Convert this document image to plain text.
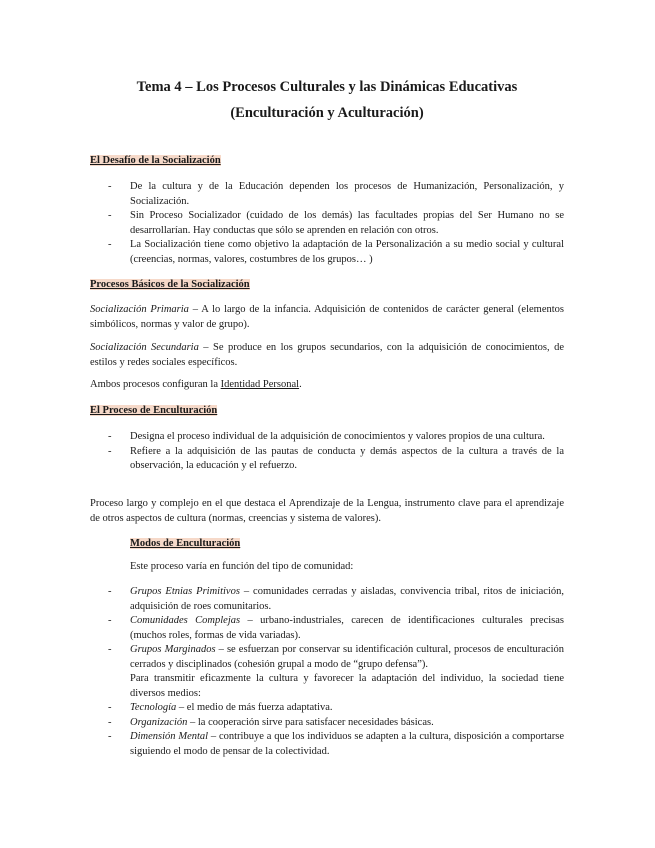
Tema 4 – Los Procesos Culturales y las Dinámicas Educativas
(Enculturación y Aculturación)
El Desafío de la Socialización
- De la cultura y de la Educación dependen los procesos de Humanización, Personalización, y Socialización.
- Sin Proceso Socializador (cuidado de los demás) las facultades propias del Ser Humano no se desarrollarían. Hay conductas que sólo se aprenden en relación con otros.
- La Socialización tiene como objetivo la adaptación de la Personalización a su medio social y cultural (creencias, normas, valores, costumbres de los grupos… )
Procesos Básicos de la Socialización

Socialización Primaria – A lo largo de la infancia. Adquisición de contenidos de carácter general (elementos simbólicos, normas y valor de grupo).

Socialización Secundaria – Se produce en los grupos secundarios, con la adquisición de conocimientos, de estilos y redes sociales específicos.

Ambos procesos configuran la Identidad Personal.

El Proceso de Enculturación
- Designa el proceso individual de la adquisición de conocimientos y valores propios de una cultura.
- Refiere a la adquisición de las pautas de conducta y demás aspectos de la cultura a través de la observación, la educación y el refuerzo.

Proceso largo y complejo en el que destaca el Aprendizaje de la Lengua, instrumento clave para el aprendizaje de otros aspectos de cultura (normas, creencias y sistema de valores).

Modos de Enculturación
Este proceso varía en función del tipo de comunidad:
- Grupos Etnias Primitivos – comunidades cerradas y aisladas, convivencia tribal, ritos de iniciación, adquisición de roes comunitarios.
- Comunidades Complejas – urbano-industriales, carecen de identificaciones culturales precisas (muchos roles, formas de vida variadas).
- Grupos Marginados – se esfuerzan por conservar su identificación cultural, procesos de enculturación cerrados y disciplinados (cohesión grupal a modo de “grupo defensa”).
Para transmitir eficazmente la cultura y favorecer la adaptación del individuo, la sociedad tiene diversos medios:
- Tecnología – el medio de más fuerza adaptativa.
- Organización – la cooperación sirve para satisfacer necesidades básicas.
- Dimensión Mental – contribuye a que los individuos se adapten a la cultura, disposición a comportarse siguiendo el modo de pensar de la colectividad.
